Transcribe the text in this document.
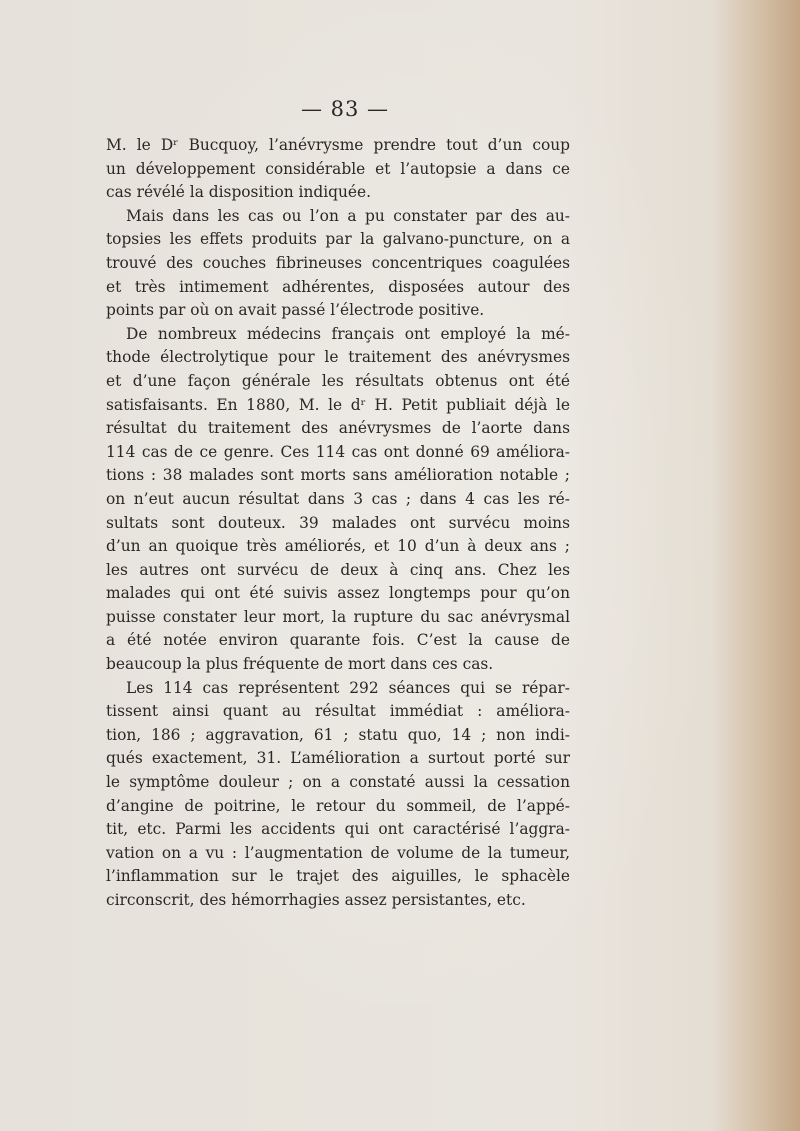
— 83 —
M. le Dʳ Bucquoy, l’anévrysme prendre tout d’un coup
un développement considérable et l’autopsie a dans ce
cas révélé la disposition indiquée.
Mais dans les cas ou l’on a pu constater par des au-
topsies les effets produits par la galvano-puncture, on a
trouvé des couches fibrineuses concentriques coagulées
et très intimement adhérentes, disposées autour des
points par où on avait passé l’électrode positive.
De nombreux médecins français ont employé la mé-
thode électrolytique pour le traitement des anévrysmes
et d’une façon générale les résultats obtenus ont été
satisfaisants. En 1880, M. le dʳ H. Petit publiait déjà le
résultat du traitement des anévrysmes de l’aorte dans
114 cas de ce genre. Ces 114 cas ont donné 69 améliora-
tions : 38 malades sont morts sans amélioration notable ;
on n’eut aucun résultat dans 3 cas ; dans 4 cas les ré-
sultats sont douteux. 39 malades ont survécu moins
d’un an quoique très améliorés, et 10 d’un à deux ans ;
les autres ont survécu de deux à cinq ans. Chez les
malades qui ont été suivis assez longtemps pour qu’on
puisse constater leur mort, la rupture du sac anévrysmal
a été notée environ quarante fois. C’est la cause de
beaucoup la plus fréquente de mort dans ces cas.
Les 114 cas représentent 292 séances qui se répar-
tissent ainsi quant au résultat immédiat : améliora-
tion, 186 ; aggravation, 61 ; statu quo, 14 ; non indi-
qués exactement, 31. L’amélioration a surtout porté sur
le symptôme douleur ; on a constaté aussi la cessation
d’angine de poitrine, le retour du sommeil, de l’appé-
tit, etc. Parmi les accidents qui ont caractérisé l’aggra-
vation on a vu : l’augmentation de volume de la tumeur,
l’inflammation sur le trajet des aiguilles, le sphacèle
circonscrit, des hémorrhagies assez persistantes, etc.
